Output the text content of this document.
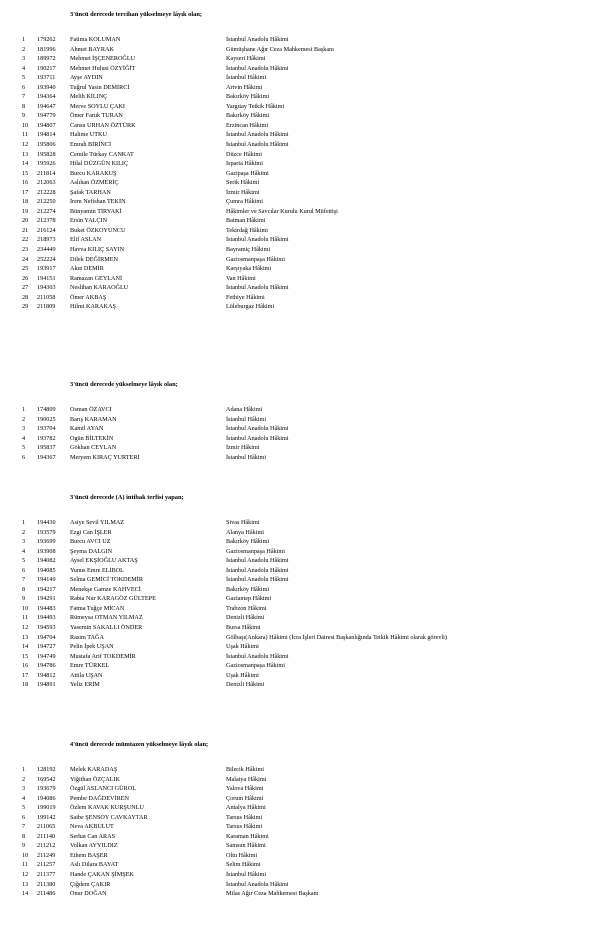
3'üncü derecede tercihan yükselmeye lâyık olan;
1 179262 Fatima KOLUMAN	İstanbul Anadolu Hâkimi
2 181996 Ahmet BAYRAK	Gümüşhane Ağır Ceza Mahkemesi Başkanı
3 189972 Mehmet İŞÇENEROĞLU	Kayseri Hâkimi
4 190217 Mehmet Hulusi ÖZYİĞİT	İstanbul Anadolu Hâkimi
5 193711 Ayşe AYDIN	İstanbul Hâkimi
6 193940 Tuğrul Yasin DEMİRCİ	Artvin Hâkimi
7 194364 Melih KILINÇ	Bakırköy Hâkimi
8 194647 Merve SOYLU ÇAKI	Yargıtay Tetkik Hâkimi
9 194779 Ömer Faruk TURAN	Bakırköy Hâkimi
10 194807 Cansu URHAN ÖZTÜRK	Erzincan Hâkimi
11 194814 Halime UTKU	İstanbul Anadolu Hâkimi
12 195806 Emrah BİRİNCİ	İstanbul Anadolu Hâkimi
13 195828 Cemile Türkay CANKAT	Düzce Hâkimi
14 195926 Hilal DÜZGÜN KILIÇ	Isparta Hâkimi
15 211814 Burcu KARAKUŞ	Gazipaşa Hâkimi
16 212063 Aslıhan ÖZMERİÇ	Serik Hâkimi
17 212228 Şafak TARHAN	İzmir Hâkimi
18 212250 İrem Nefishan TEKİN	Çumra Hâkimi
19 212274 Bünyamin TİRYAKİ	Hâkimler ve Savcılar Kurulu Kurul Müfettişi
20 212378 Ersin YALÇIN	Batman Hâkimi
21 216124 Buket ÖZKOYUNCU	Tekirdağ Hâkimi
22 218973 Elif ASLAN	İstanbul Anadolu Hâkimi
23 234449 Havva KILIÇ SAYIN	Bayramiç Hâkimi
24 252224 Dilek DEĞİRMEN	Gaziosmanpaşa Hâkimi
25 193917 Akın DEMİR	Karşıyaka Hâkimi
26 194151 Ramazan GEYLANİ	Van Hâkimi
27 194303 Neslihan KARAOĞLU	İstanbul Anadolu Hâkimi
28 211058 Ömer AKBAŞ	Fethiye Hâkimi
29 211809 Hilmi KARAKAŞ	Lüleburgaz Hâkimi
3'üncü derecede yükselmeye lâyık olan;
1 174809 Osman ÖZAVCI	Adana Hâkimi
2 190025 Barış KARAMAN	İstanbul Hâkimi
3 193704 Kamil AYAN	İstanbul Anadolu Hâkimi
4 193782 Ogün BİLTEKİN	İstanbul Anadolu Hâkimi
5 195837 Gökhan CEYLAN	İzmir Hâkimi
6 194367 Meryem KIRAÇ YURTERİ	İstanbul Hâkimi
3'üncü derecede (A) intibak terfisi yapan;
1 194430 Asiye Sevil YILMAZ	Sivas Hâkimi
2 193579 Ezgi Can İŞLER	Alanya Hâkimi
3 193699 Burcu AVCI UZ	Bakırköy Hâkimi
4 193908 Şeyma DALGIN	Gaziosmanpaşa Hâkimi
5 194082 Aysel EKŞİOĞLU AKTAŞ	İstanbul Anadolu Hâkimi
6 194085 Yunus Emre ELİBOL	İstanbul Anadolu Hâkimi
7 194149 Selma GEMİCİ TOKDEMİR	İstanbul Anadolu Hâkimi
8 194217 Menekşe Gamze KAHVECİ	Bakırköy Hâkimi
9 194291 Rabia Nur KARAGÖZ GÜLTEPE	Gaziantep Hâkimi
10 194483 Fatma Tuğçe MİCAN	Trabzon Hâkimi
11 194493 Rümeysa OTMAN YILMAZ	Denizli Hâkimi
12 194593 Yasemin SAKALLI ÖNDER	Bursa Hâkimi
13 194704 Rasim TAĞA	Gölbaşı(Ankara) Hâkimi (İcra İşleri Dairesi Başkanlığında Tetkik Hâkimi olarak görevli)
14 194727 Pelin İpek UŞAN	Uşak Hâkimi
15 194749 Mustafa Arif TOKDEMİR	İstanbul Anadolu Hâkimi
16 194786 Emre TÜRKEL	Gaziosmanpaşa Hâkimi
17 194812 Attila UŞAN	Uşak Hâkimi
18 194891 Yeliz ERİM	Denizli Hâkimi
4'üncü derecede mümtazen yükselmeye lâyık olan;
1 128192 Melek KARADAŞ	Bilecik Hâkimi
2 169542 Yiğithan ÖZÇALIK	Malatya Hâkimi
3 193679 Özgül ASLANCI GÜROL	Yalova Hâkimi
4 194086 Pembe DAĞDEVİREN	Çorum Hâkimi
5 199019 Özlem KAVAK KURŞUNLU	Antalya Hâkimi
6 199142 Saibe ŞENSOY CAVKAYTAR	Tarsus Hâkimi
7 211065 Neva AKBULUT	Tarsus Hâkimi
8 211140 Serhat Can ARAS	Karaman Hâkimi
9 211212 Volkan AYYILDIZ	Samsun Hâkimi
10 211249 Ethem BAŞER	Oltu Hâkimi
11 211257 Aslı Dilara BAYAT	Selim Hâkimi
12 211377 Hande ÇAKAN ŞİMŞEK	İstanbul Hâkimi
13 211380 Çiğdem ÇAKIR	İstanbul Anadolu Hâkimi
14 211486 Onur DOĞAN	Milas Ağır Ceza Mahkemesi Başkanı
